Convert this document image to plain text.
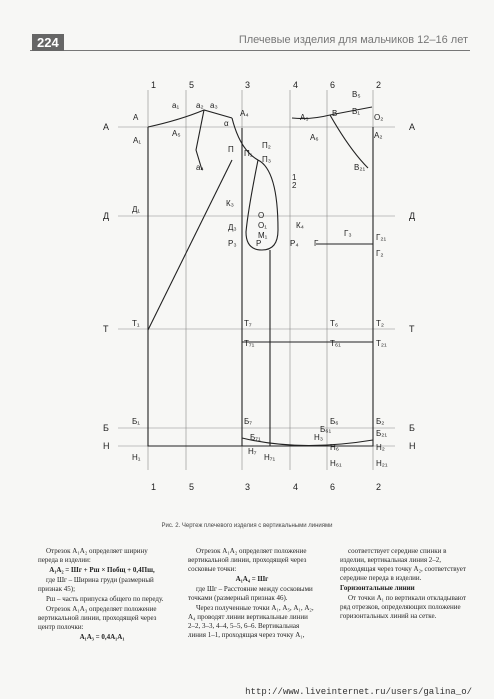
224	Плечевые изделия для мальчиков 12–16 лет
1
1
5
5
3
3
4
4
6
6
2
2
А	А
Д	Д
Т	Т
Б	Б
Н	Н
А
А₁
а₁ а₂ а₃
А₄
А₅
а₄
α
П П₁
К₃
Д₁
Д₃
Р₃
Т₁	Т₇
Т₇₁
Б₁	Б₇
Б₇₁
Н₁
Н₇
Н₇₁
В₅
В₁
В	О₂
А₂
А₃
А₆
П₂
П₃
О
О₁
М₁
К₄
Р	Р₄ Г
Г₂
Г₃	Г₂₁
В₂₁
1
2
Т₆
Т₆₁
Т₂
Т₂₁
Б₆
Б₆₁
Б₂
Б₂₁
Н₆
Н₆₁
Н₂
Н₂₁
Н₃
Рис. 2. Чертеж плечевого изделия с вертикальными линиями

Отрезок А₁А₂ определяет ширину переда в изделии:

А₁А₂ = Шг + Рш × Побщ + 0,4Пш,

где Шг – Ширина груди (размерный признак 45);

Рш – часть припуска общего по переду.

Отрезок А₁А₃ определяет положение вертикальной линии, проходящей через центр полочки:

А₁А₃ = 0,4А₁А₁

Отрезок А₁А₂ определяет положение вертикальной линии, проходящей через сосковые точки:

А₁А₄ = Шг

где Шг – Расстояние между сосковыми точками (размерный признак 46).

Через полученные точки А₁, А₅, А₁, А₂, А₄ проводят линии вертикальные линии 2–2, 3–3, 4–4, 5–5, 6–6. Вертикальная линия 1–1, проходящая через точку А₁,

соответствует середине спинки в изделии, вертикальная линия 2–2, проходящая через точку А₂, соответствует середине переда в изделии.

Горизонтальные линии

От точки А₁ по вертикали откладывают ряд отрезков, определяющих положение горизонтальных линий на сетке.

http://www.liveinternet.ru/users/galina_o/
